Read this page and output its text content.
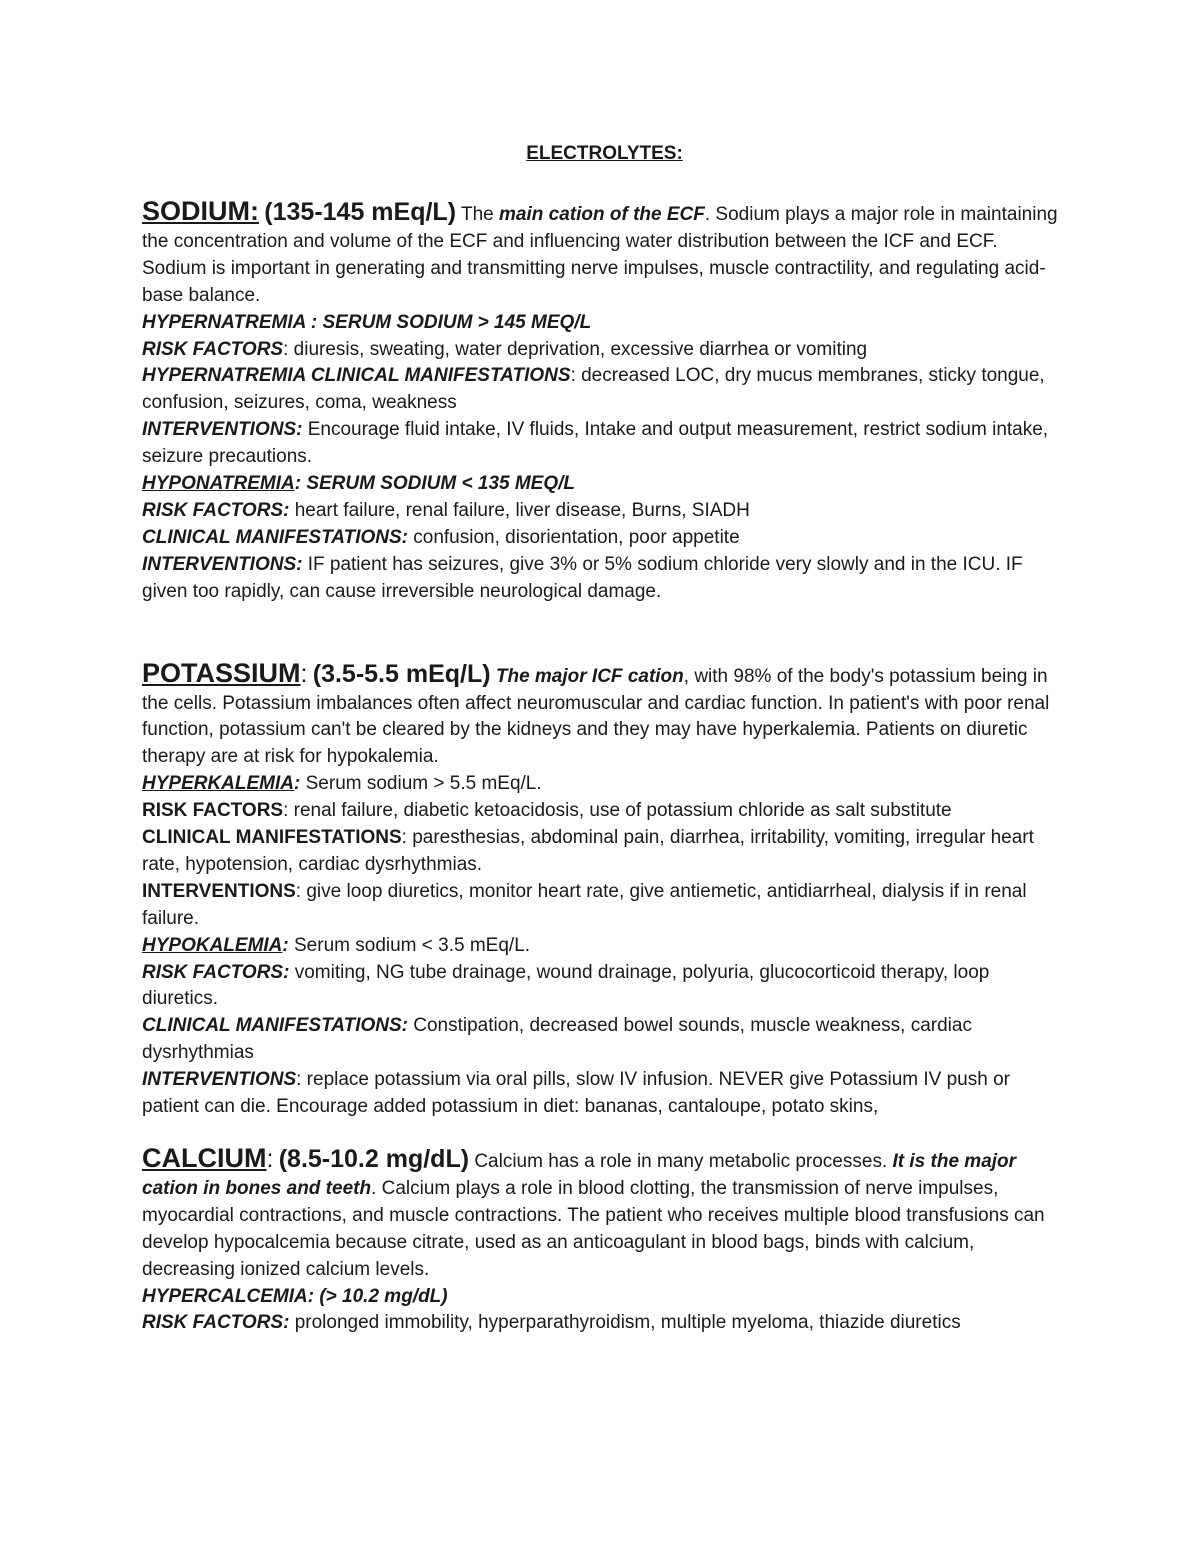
ELECTROLYTES:

SODIUM: (135-145 mEq/L) The main cation of the ECF. Sodium plays a major role in maintaining the concentration and volume of the ECF and influencing water distribution between the ICF and ECF. Sodium is important in generating and transmitting nerve impulses, muscle contractility, and regulating acid-base balance.

HYPERNATREMIA : SERUM SODIUM > 145 MEQ/L
RISK FACTORS: diuresis, sweating, water deprivation, excessive diarrhea or vomiting
HYPERNATREMIA CLINICAL MANIFESTATIONS: decreased LOC, dry mucus membranes, sticky tongue, confusion, seizures, coma, weakness
INTERVENTIONS: Encourage fluid intake, IV fluids, Intake and output measurement, restrict sodium intake, seizure precautions.
HYPONATREMIA: SERUM SODIUM < 135 MEQ/L
RISK FACTORS: heart failure, renal failure, liver disease, Burns, SIADH
CLINICAL MANIFESTATIONS: confusion, disorientation, poor appetite
INTERVENTIONS: IF patient has seizures, give 3% or 5% sodium chloride very slowly and in the ICU. IF given too rapidly, can cause irreversible neurological damage.

POTASSIUM: (3.5-5.5 mEq/L) The major ICF cation, with 98% of the body's potassium being in the cells. Potassium imbalances often affect neuromuscular and cardiac function. In patient's with poor renal function, potassium can't be cleared by the kidneys and they may have hyperkalemia. Patients on diuretic therapy are at risk for hypokalemia.

HYPERKALEMIA: Serum sodium > 5.5 mEq/L.
RISK FACTORS: renal failure, diabetic ketoacidosis, use of potassium chloride as salt substitute
CLINICAL MANIFESTATIONS: paresthesias, abdominal pain, diarrhea, irritability, vomiting, irregular heart rate, hypotension, cardiac dysrhythmias.
INTERVENTIONS: give loop diuretics, monitor heart rate, give antiemetic, antidiarrheal, dialysis if in renal failure.
HYPOKALEMIA: Serum sodium < 3.5 mEq/L.
RISK FACTORS: vomiting, NG tube drainage, wound drainage, polyuria, glucocorticoid therapy, loop diuretics.
CLINICAL MANIFESTATIONS: Constipation, decreased bowel sounds, muscle weakness, cardiac dysrhythmias
INTERVENTIONS: replace potassium via oral pills, slow IV infusion. NEVER give Potassium IV push or patient can die. Encourage added potassium in diet: bananas, cantaloupe, potato skins,

CALCIUM: (8.5-10.2 mg/dL) Calcium has a role in many metabolic processes. It is the major cation in bones and teeth. Calcium plays a role in blood clotting, the transmission of nerve impulses, myocardial contractions, and muscle contractions. The patient who receives multiple blood transfusions can develop hypocalcemia because citrate, used as an anticoagulant in blood bags, binds with calcium, decreasing ionized calcium levels.

HYPERCALCEMIA: (> 10.2 mg/dL)
RISK FACTORS: prolonged immobility, hyperparathyroidism, multiple myeloma, thiazide diuretics
